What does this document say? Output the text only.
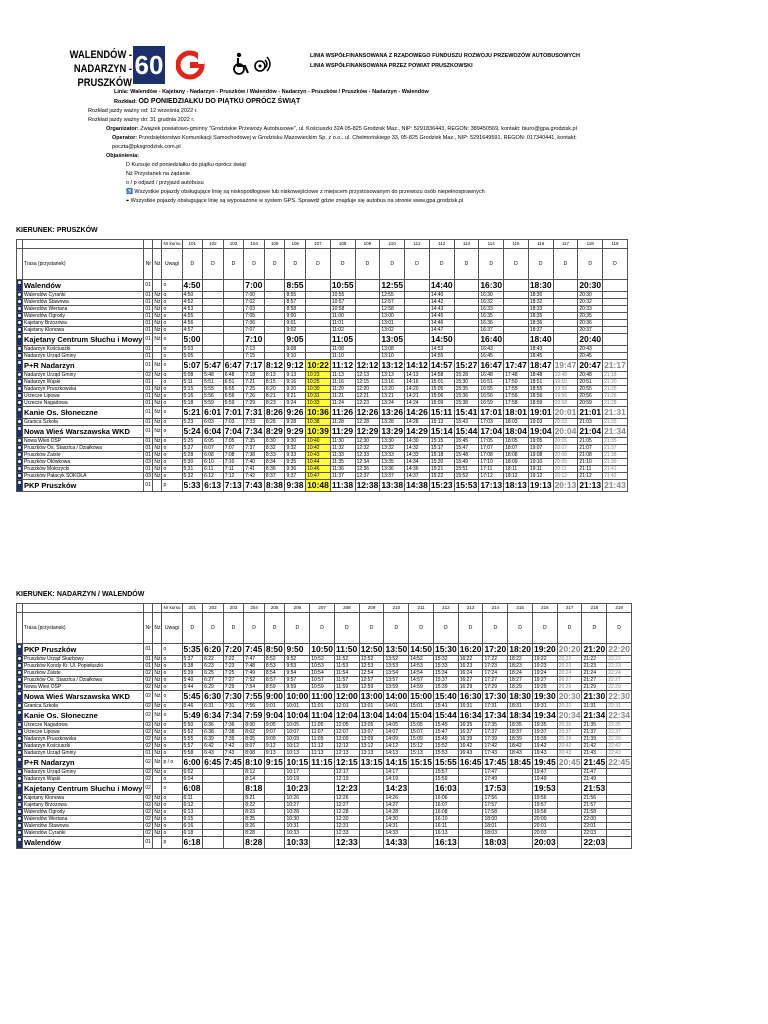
WALENDÓW - NADARZYN -
PRUSZKÓW
60	LINIA WSPÓŁFINANSOWANA Z RZĄDOWEGO FUNDUSZU ROZWOJU PRZEWOZÓW AUTOBUSOWYCH
LINIA WSPÓŁFINANSOWANA PRZEZ POWIAT PRUSZKOWSKI
Linia: Walendów - Kajetany - Nadarzyn - Pruszków / Walendów - Nadarzyn - Pruszków / Pruszków - Nadarzyn - Walendów
Rozkład: OD PONIEDZIAŁKU DO PIĄTKU OPRÓCZ ŚWIĄT
Rozkład jazdy ważny od: 12 września 2022 r.
Rozkład jazdy ważny do: 31 grudnia 2022 r.
Organizator: Związek powiatowo-gminny "Grodziskie Przewozy Autobusowe", ul. Kościuszki 32A 05-825 Grodzisk Maz., NIP: 5291836443, REGON: 389450569, kontakt: biuro@gpa.grodzisk.pl
Operator: Przedsiębiorstwo Komunikacji Samochodowej w Grodzisku Mazowieckim Sp. z o.o., ul. Chełmońskiego 33, 05-825 Grodzisk Maz., NIP: 5291649591, REGON: 017340441, kontakt: poczta@pksgrodzisk.com.pl
Objaśnienia:
D Kursuje od poniedziałku do piątku oprócz świąt
Nż Przystanek na żądanie
o / p odjazd / przyjazd autobusu
♿ Wszystkie pojazdy obsługujące linię są niskopodłogowe lub niskowejściowe z miejscem przystosowanym do przewozu osób niepełnosprawnych
⌖ Wszystkie pojazdy obsługujące linię są wyposażone w system GPS. Sprawdź gdzie znajduje się autobus na stronie www.gpa.grodzisk.pl
KIERUNEK: PRUSZKÓW
				Nr kursu	101	102	103	104	105	106	107	108	109	110	111	112	113	114	115	116	117	118	119
	Trasa (przystanek)	Nr	Nż	Uwagi	D	D	D	D	D	D	D	D	D	D	D	D	D	D	D	D	D	D	D
	Walendów	01		o	4:50			7:00		8:55		10:55		12:55		14:40		16:30		18:30		20:30	
	Walendów Cyrańki	01	Nż	o	4:50			7:00		8:55		10:55		12:55		14:40		16:30		18:30		20:30	
	Walendów Stawowa	01	Nż	o	4:52			7:02		8:57		10:57		12:57		14:42		16:32		18:32		20:32	
	Walendów Wertana	01	Nż	o	4:53			7:03		8:58		10:58		12:58		14:43		16:33		18:33		20:33	
	Walendów Ogrody	01	Nż	o	4:55			7:05		9:00		11:00		13:00		14:45		16:35		18:35		20:35	
	Kajetany Brzozowa	01	Nż	o	4:56			7:06		9:01		11:01		13:01		14:46		16:36		18:36		20:36	
	Kajetany Klonowa	01	Nż	o	4:57			7:07		9:02		11:02		13:02		14:47		16:37		18:37		20:37	
	Kajetany Centrum Słuchu i Mowy	01	Nż	o	5:00			7:10		9:05		11:05		13:05		14:50		16:40		18:40		20:40	
	Nadarzyn Kościuszki	01		o	5:03			7:13		9:08		11:08		13:08		14:53		16:43		18:43		20:43	
	Nadarzyn Urząd Gminy	01		o	5:05			7:15		9:10		11:10		13:10		14:55		16:45		18:45		20:45	
	P+R Nadarzyn	01	Nż	o	5:07	5:47	6:47	7:17	8:12	9:12	10:22	11:12	12:12	13:12	14:12	14:57	15:27	16:47	17:47	18:47	19:47	20:47	21:17
	Nadarzyn Urząd Gminy	02	Nż	o	5:08	5:48	6:48	7:18	8:13	9:13	10:23	11:13	12:13	13:13	14:13	14:58	15:28	16:48	17:48	18:48	19:48	20:48	21:18
	Nadarzyn Wąski	01		o	5:11	5:51	6:51	7:21	8:15	9:16	10:25	11:16	12:15	13:16	14:16	15:01	15:30	16:51	17:50	18:51	19:50	20:51	21:20
	Nadarzyn Pruszkowska	01	Nż	o	5:15	5:55	6:55	7:25	8:20	9:20	10:30	11:20	12:20	13:20	14:20	15:05	15:35	16:55	17:55	18:55	19:55	20:55	21:25
	Urzecze Lipowa	01	Nż	o	5:16	5:56	6:56	7:26	8:21	9:21	10:31	11:21	12:21	13:21	14:21	15:06	15:36	16:56	17:56	18:56	19:56	20:56	21:26
	Urzecze Nagadowa	01	Nż	o	5:18	5:59	6:59	7:29	8:23	9:24	10:33	11:24	12:23	13:24	14:24	15:09	15:38	16:59	17:58	18:59	19:58	20:59	21:28
	Kanie Os. Słoneczne	01	Nż	o	5:21	6:01	7:01	7:31	8:26	9:26	10:36	11:26	12:26	13:26	14:26	15:11	15:41	17:01	18:01	19:01	20:01	21:01	21:31
	Granica Szkoła	01	Nż	o	5:23	6:03	7:03	7:33	8:28	9:28	10:38	11:28	12:28	13:28	14:28	15:13	15:43	17:03	18:03	19:03	20:03	21:03	21:33
	Nowa Wieś Warszawska WKD	01	Nż	o	5:24	6:04	7:04	7:34	8:29	9:29	10:39	11:29	12:29	13:29	14:29	15:14	15:44	17:04	18:04	19:04	20:04	21:04	21:34
	Nowa Wieś OSP	01	Nż	o	5:25	6:05	7:05	7:35	8:30	9:30	10:40	11:30	12:30	13:30	14:30	15:15	15:45	17:05	18:05	19:05	20:05	21:05	21:35
	Pruszków Os. Staszica / Działkowa	01	Nż	o	5:27	6:07	7:07	7:37	8:32	9:32	10:42	11:32	12:32	13:32	14:32	15:17	15:47	17:07	18:07	19:07	20:07	21:07	21:37
	Pruszków Zaiste	01	Nż	o	5:28	6:08	7:08	7:38	8:33	9:33	10:43	11:33	12:33	13:33	14:33	15:18	15:48	17:08	18:08	19:08	20:08	21:08	21:38
	Pruszków Ołówkowa	03	Nż	o	5:30	6:10	7:10	7:40	8:34	9:35	10:44	11:35	12:34	13:35	14:34	15:20	15:49	17:10	18:09	19:10	20:09	21:10	21:39
	Pruszków Mokrzycki	01	Nż	o	5:31	6:11	7:11	7:41	8:36	9:36	10:46	11:36	12:36	13:36	14:36	15:21	15:51	17:11	18:11	19:11	20:11	21:11	21:41
	Pruszków Pałacyk SOKOŁA	03	Nż	o	5:32	6:12	7:12	7:42	8:37	9:37	10:47	11:37	12:37	13:37	14:37	15:22	15:52	17:12	18:12	19:12	20:12	21:12	21:42
	PKP Pruszków	01		p	5:33	6:13	7:13	7:43	8:38	9:38	10:48	11:38	12:38	13:38	14:38	15:23	15:53	17:13	18:13	19:13	20:13	21:13	21:43
KIERUNEK: NADARZYN / WALENDÓW
				Nr kursu	201	202	203	204	205	206	207	208	209	210	211	212	213	214	215	216	217	218	219
	Trasa (przystanek)	Nr	Nż	Uwagi	D	D	D	D	D	D	D	D	D	D	D	D	D	D	D	D	D	D	D
	PKP Pruszków	01		o	5:35	6:20	7:20	7:45	8:50	9:50	10:50	11:50	12:50	13:50	14:50	15:30	16:20	17:20	18:20	19:20	20:20	21:20	22:20
	Pruszków Urząd Skarbowy	01	Nż	o	5:37	6:22	7:22	7:47	8:52	9:52	10:52	11:52	12:52	13:52	14:52	15:32	16:22	17:22	18:22	19:22	20:22	21:22	22:22
	Pruszków Kondy Kr. Ul. Popiełuszki	01	Nż	o	5:38	6:23	7:23	7:48	8:53	9:53	10:53	11:53	12:53	13:53	14:53	15:33	16:23	17:23	18:23	19:23	20:23	21:23	22:23
	Pruszków Zaiste	02	Nż	o	5:39	6:25	7:25	7:49	8:54	9:54	10:54	11:54	12:54	13:54	14:54	15:34	16:24	17:24	18:24	19:24	20:24	21:24	22:24
	Pruszków Os. Staszica / Działkowa	02	Nż	o	5:40	6:27	7:27	7:52	8:57	9:57	10:57	11:57	12:57	13:57	14:57	15:37	16:27	17:27	18:27	19:27	20:27	21:27	22:27
	Nowa Wieś OSP	02	Nż	o	5:44	6:29	7:29	7:54	8:59	9:59	10:59	11:59	12:59	13:59	14:59	15:39	16:29	17:29	18:29	19:29	20:29	21:29	22:29
	Nowa Wieś Warszawska WKD	02	Nż	o	5:45	6:30	7:30	7:55	9:00	10:00	11:00	12:00	13:00	14:00	15:00	15:40	16:30	17:30	18:30	19:30	20:30	21:30	22:30
	Granica Szkoła	02	Nż	o	5:46	6:31	7:31	7:56	9:01	10:01	11:01	12:01	13:01	14:01	15:01	15:41	16:31	17:31	18:31	19:31	20:31	21:31	22:31
	Kanie Os. Słoneczne	02	Nż	o	5:49	6:34	7:34	7:59	9:04	10:04	11:04	12:04	13:04	14:04	15:04	15:44	16:34	17:34	18:34	19:34	20:34	21:34	22:34
	Urzecze Nagadowa	02	Nż	o	5:50	6:36	7:36	8:00	9:05	10:05	11:05	12:05	13:05	14:05	15:05	15:45	16:35	17:35	18:35	19:35	20:35	21:35	22:35
	Urzecze Lipowa	02	Nż	o	5:52	6:38	7:38	8:02	9:07	10:07	11:07	12:07	13:07	14:07	15:07	15:47	16:37	17:37	18:37	19:37	20:37	21:37	22:37
	Nadarzyn Pruszkowska	02	Nż	o	5:55	6:39	7:39	8:05	9:09	10:09	11:09	12:09	13:09	14:09	15:09	15:49	16:39	17:39	18:39	19:39	20:39	21:39	22:39
	Nadarzyn Kościuszki	02	Nż	o	5:57	6:42	7:42	8:07	9:12	10:12	11:12	12:12	13:12	14:12	15:12	15:52	16:42	17:42	18:42	19:42	20:42	21:42	22:42
	Nadarzyn Urząd Gminy	01	Nż	o	5:58	6:43	7:43	8:08	9:13	10:13	11:13	12:13	13:13	14:13	15:13	15:53	16:43	17:43	18:43	19:43	20:43	21:43	22:43
	P+R Nadarzyn	02	Nż	p / o	6:00	6:45	7:45	8:10	9:15	10:15	11:15	12:15	13:15	14:15	15:15	15:55	16:45	17:45	18:45	19:45	20:45	21:45	22:45
	Nadarzyn Urząd Gminy	02	Nż	o	6:02			8:12		10:17		12:17		14:17		15:57		17:47		19:47		21:47	
	Nadarzyn Wąski	02		o	6:04			8:14		10:19		12:19		14:19		15:59		17:49		19:49		21:49	
	Kajetany Centrum Słuchu i Mowy	02		o	6:08			8:18		10:23		12:23		14:23		16:03		17:53		19:53		21:53	
	Kajetany Klonowa	02	Nż	o	6:11			8:21		10:26		12:26		14:26		16:06		17:56		19:56		21:56	
	Kajetany Brzozowa	02	Nż	o	6:12			8:22		10:27		12:27		14:27		16:07		17:57		19:57		21:57	
	Walendów Ogrody	02	Nż	o	6:13			8:23		10:28		12:28		14:28		16:08		17:58		19:58		21:58	
	Walendów Wertana	02	Nż	o	6:15			8:25		10:30		12:30		14:30		16:10		18:00		20:00		22:00	
	Walendów Stawowa	02	Nż	o	6:16			8:26		10:31		12:31		14:31		16:11		18:01		20:01		22:01	
	Walendów Cyrańki	02	Nż	o	6:18			8:28		10:33		12:33		14:33		16:13		18:03		20:03		22:03	
	Walendów	01		p	6:18			8:28		10:33		12:33		14:33		16:13		18:03		20:03		22:03	
